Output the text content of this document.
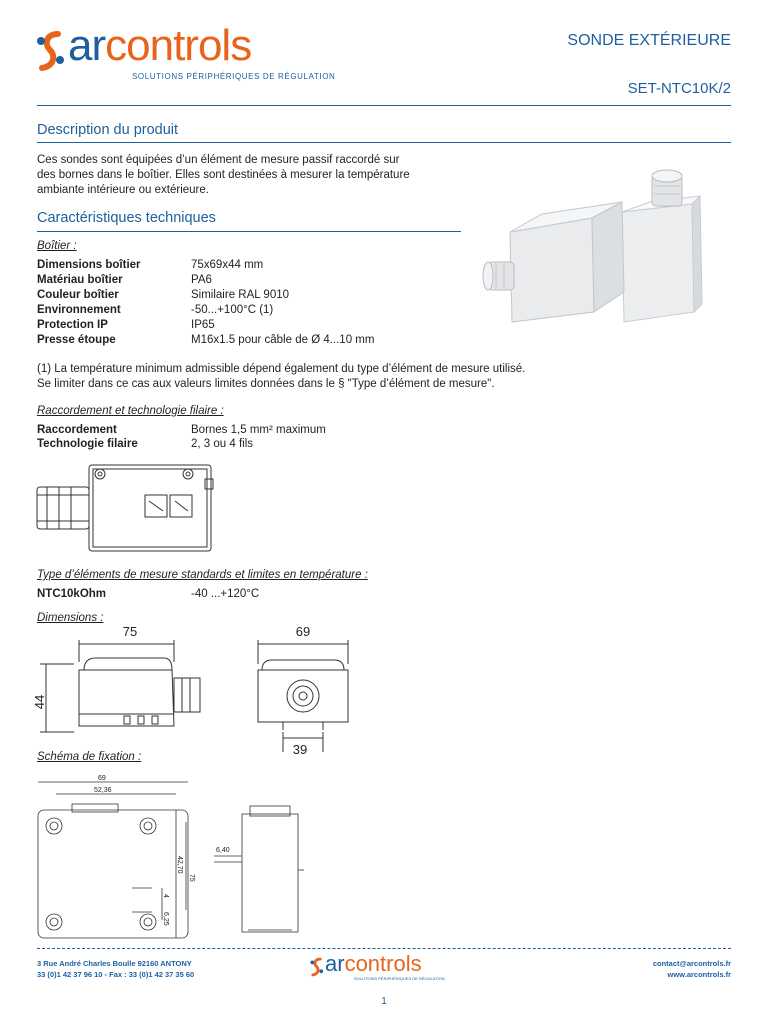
arcontrols
SOLUTIONS PÉRIPHÉRIQUES DE RÉGULATION
SONDE EXTÉRIEURE
SET-NTC10K/2
Description du produit
Ces sondes sont équipées d’un élément de mesure passif raccordé sur
des bornes dans le boîtier. Elles sont destinées à mesurer la température
ambiante intérieure ou extérieure.
Caractéristiques techniques
Boîtier :
Dimensions boîtier	75x69x44 mm
Matériau boîtier	PA6
Couleur boîtier	Similaire RAL 9010
Environnement	-50...+100°C (1)
Protection IP	IP65
Presse étoupe	M16x1.5 pour câble de Ø 4...10 mm
(1) La température minimum admissible dépend également du type d’élément de mesure utilisé.
Se limiter dans ce cas aux valeurs limites données dans le § "Type d’élément de mesure".
Raccordement et technologie filaire :
Raccordement	Bornes 1,5 mm² maximum
Technologie filaire	2, 3 ou 4 fils
Type d’éléments de mesure standards et limites en température :
NTC10kOhm	-40 ...+120°C
Dimensions :
75
44
69
39
Schéma de fixation :
69
52,36
75
42,70
4
6,25
6,40
3 Rue André Charles Boulle 92160 ANTONY
33 (0)1 42 37 96 10 - Fax : 33 (0)1 42 37 35 60	arcontrols
SOLUTIONS PÉRIPHÉRIQUES DE RÉGULATION
contact@arcontrols.fr
www.arcontrols.fr
1
